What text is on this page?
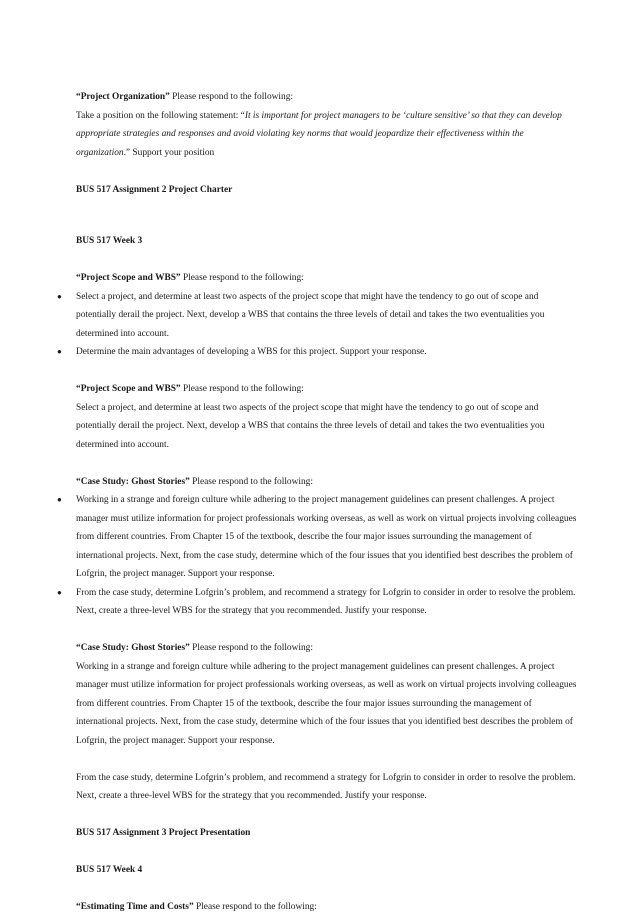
“Project Organization” Please respond to the following:

Take a position on the following statement: “It is important for project managers to be ‘culture sensitive’ so that they can develop appropriate strategies and responses and avoid violating key norms that would jeopardize their effectiveness within the organization.” Support your position

BUS 517 Assignment 2 Project Charter

BUS 517 Week 3

“Project Scope and WBS” Please respond to the following:

● Select a project, and determine at least two aspects of the project scope that might have the tendency to go out of scope and potentially derail the project. Next, develop a WBS that contains the three levels of detail and takes the two eventualities you determined into account.
● Determine the main advantages of developing a WBS for this project. Support your response.

“Project Scope and WBS” Please respond to the following:

Select a project, and determine at least two aspects of the project scope that might have the tendency to go out of scope and potentially derail the project. Next, develop a WBS that contains the three levels of detail and takes the two eventualities you determined into account.

“Case Study: Ghost Stories” Please respond to the following:

● Working in a strange and foreign culture while adhering to the project management guidelines can present challenges. A project manager must utilize information for project professionals working overseas, as well as work on virtual projects involving colleagues from different countries. From Chapter 15 of the textbook, describe the four major issues surrounding the management of international projects. Next, from the case study, determine which of the four issues that you identified best describes the problem of Lofgrin, the project manager. Support your response.
● From the case study, determine Lofgrin’s problem, and recommend a strategy for Lofgrin to consider in order to resolve the problem. Next, create a three-level WBS for the strategy that you recommended. Justify your response.

“Case Study: Ghost Stories” Please respond to the following:

Working in a strange and foreign culture while adhering to the project management guidelines can present challenges. A project manager must utilize information for project professionals working overseas, as well as work on virtual projects involving colleagues from different countries. From Chapter 15 of the textbook, describe the four major issues surrounding the management of international projects. Next, from the case study, determine which of the four issues that you identified best describes the problem of Lofgrin, the project manager. Support your response.

From the case study, determine Lofgrin’s problem, and recommend a strategy for Lofgrin to consider in order to resolve the problem. Next, create a three-level WBS for the strategy that you recommended. Justify your response.

BUS 517 Assignment 3 Project Presentation

BUS 517 Week 4

“Estimating Time and Costs” Please respond to the following:
